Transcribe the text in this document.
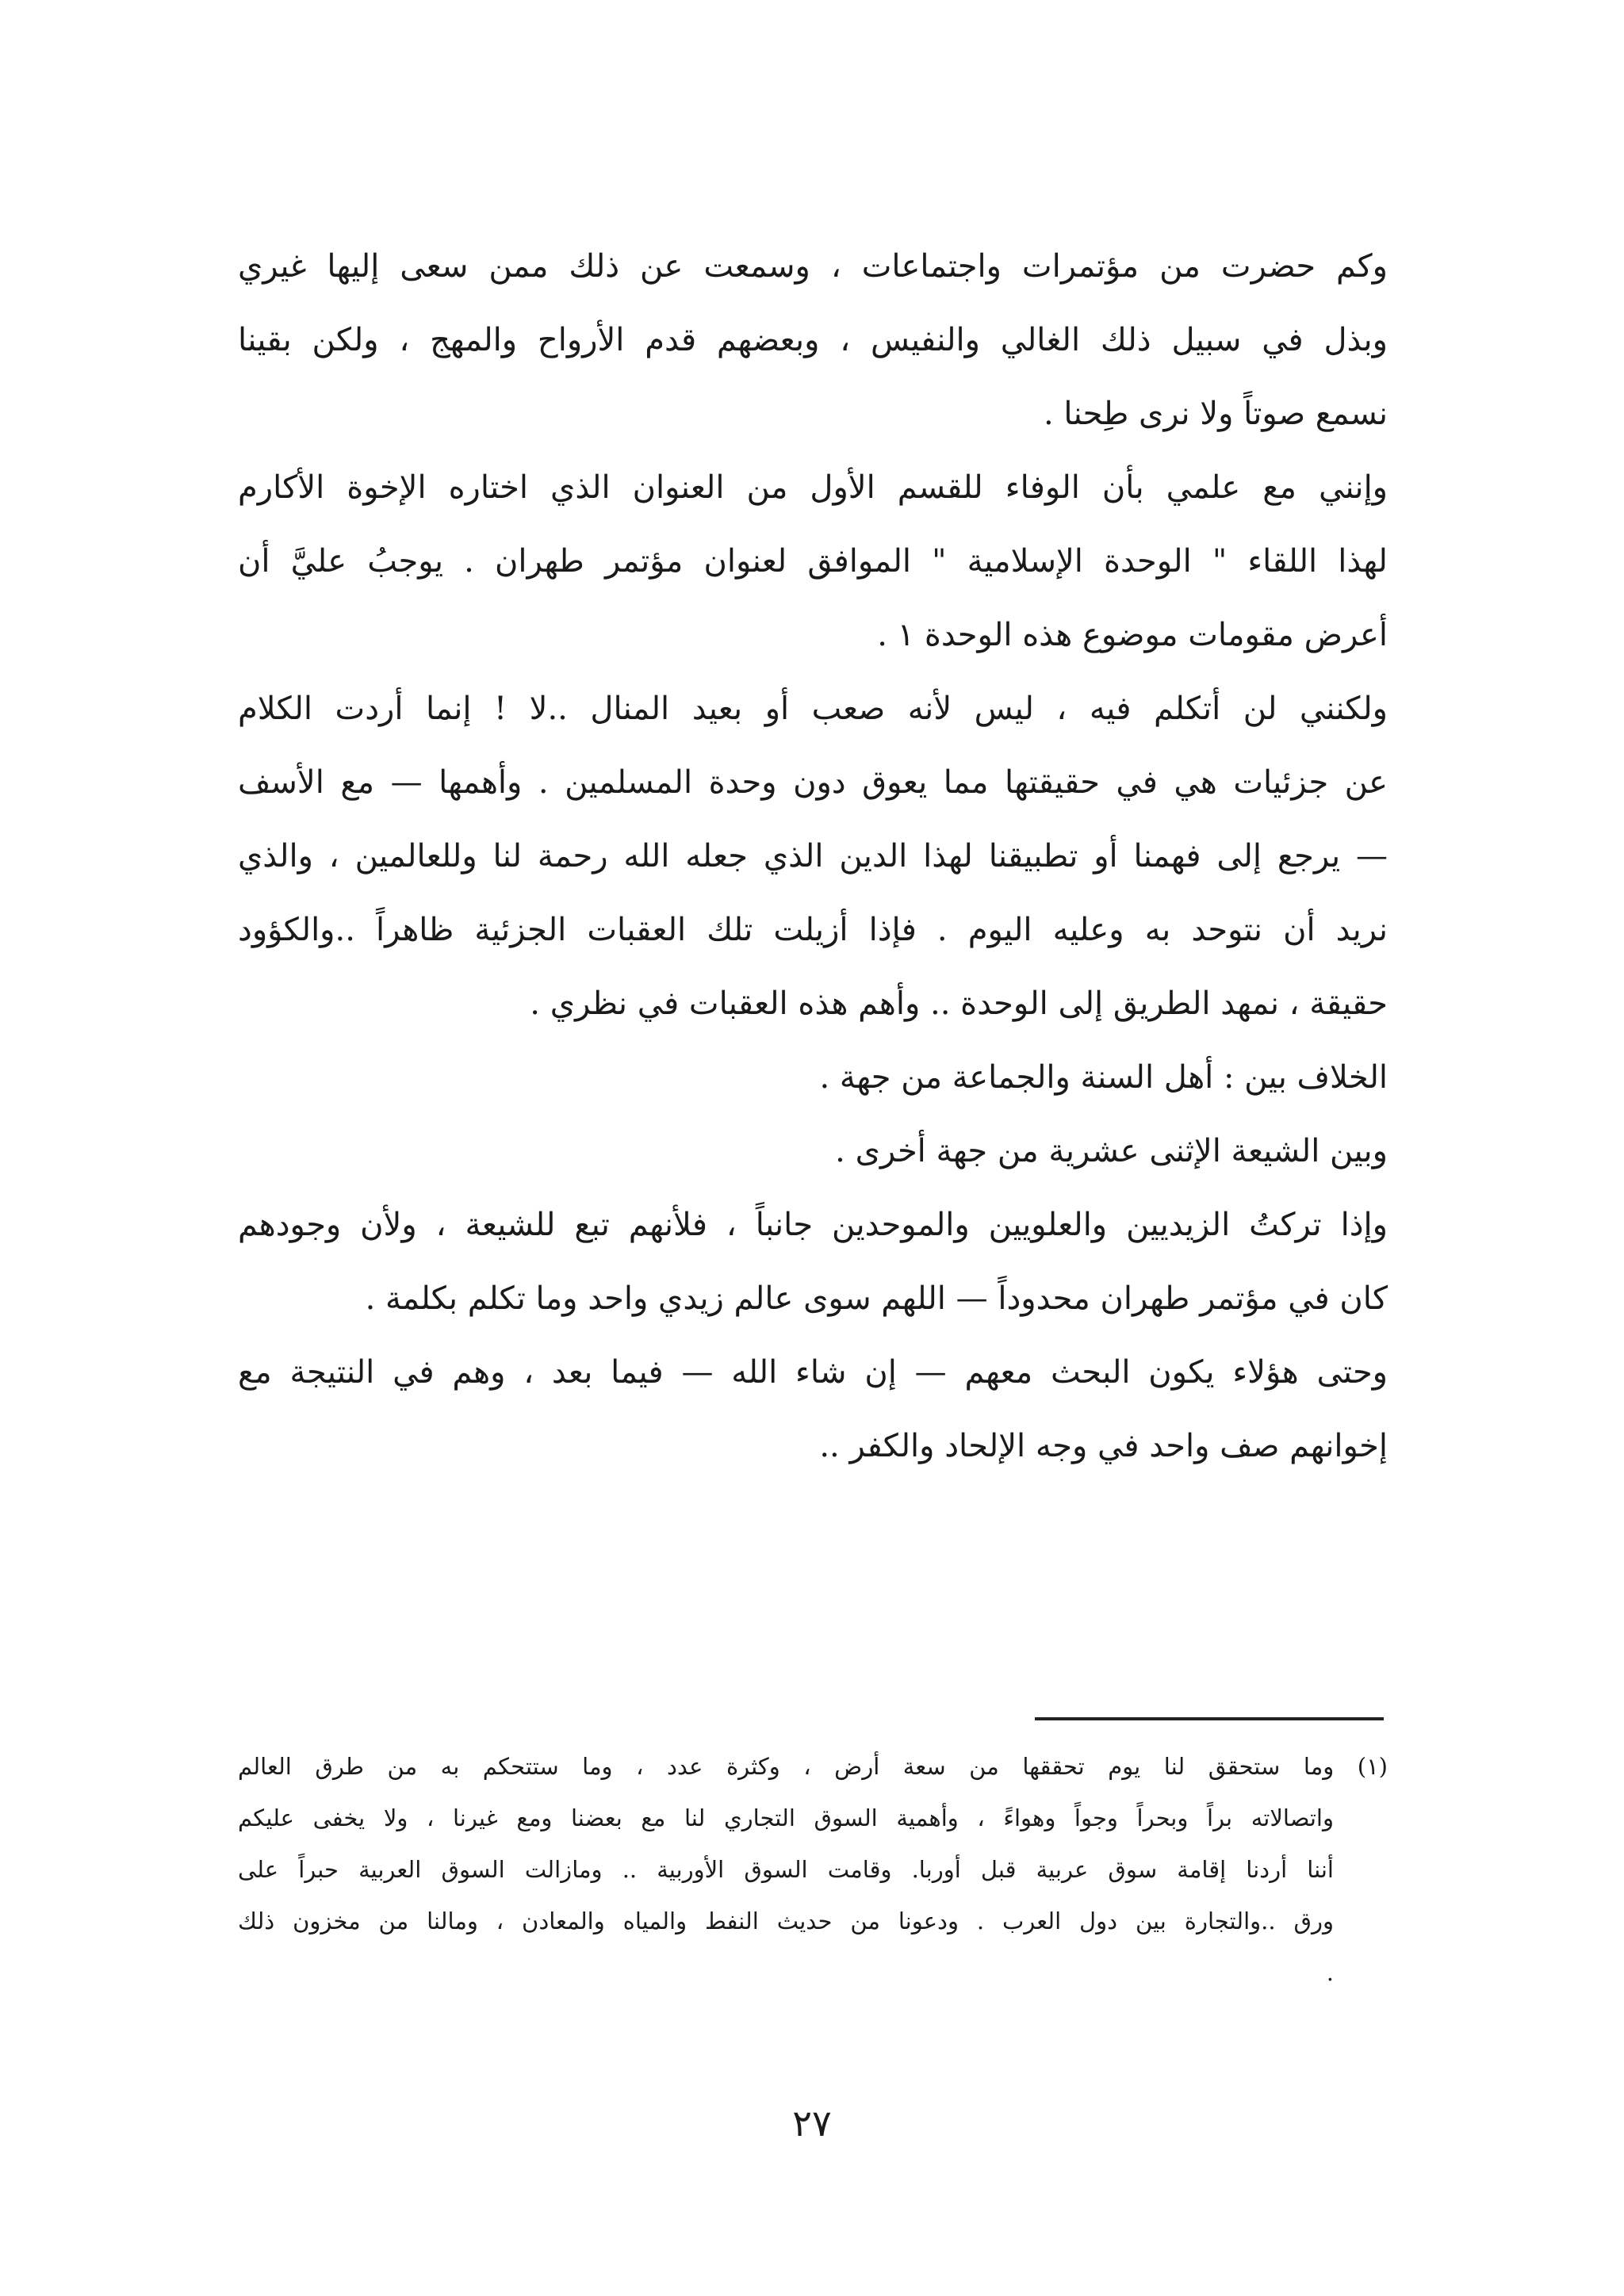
وكم حضرت من مؤتمرات واجتماعات ، وسمعت عن ذلك ممن سعى إليها غيري
وبذل في سبيل ذلك الغالي والنفيس ، وبعضهم قدم الأرواح والمهج ، ولكن بقينا
نسمع صوتاً ولا نرى طِحنا .
وإنني مع علمي بأن الوفاء للقسم الأول من العنوان الذي اختاره الإخوة الأكارم
لهذا اللقاء " الوحدة الإسلامية " الموافق لعنوان مؤتمر طهران . يوجبُ عليَّ أن
أعرض مقومات موضوع هذه الوحدة ١ .
ولكنني لن أتكلم فيه ، ليس لأنه صعب أو بعيد المنال ..لا ! إنما أردت الكلام
عن جزئيات هي في حقيقتها مما يعوق دون وحدة المسلمين . وأهمها — مع الأسف
— يرجع إلى فهمنا أو تطبيقنا لهذا الدين الذي جعله الله رحمة لنا وللعالمين ، والذي
نريد أن نتوحد به وعليه اليوم . فإذا أزيلت تلك العقبات الجزئية ظاهراً ..والكؤود
حقيقة ، نمهد الطريق إلى الوحدة .. وأهم هذه العقبات في نظري .
الخلاف بين : أهل السنة والجماعة من جهة .
وبين الشيعة الإثنى عشرية من جهة أخرى .
وإذا تركتُ الزيديين والعلويين والموحدين جانباً ، فلأنهم تبع للشيعة ، ولأن وجودهم
كان في مؤتمر طهران محدوداً — اللهم سوى عالم زيدي واحد وما تكلم بكلمة .
وحتى هؤلاء يكون البحث معهم — إن شاء الله — فيما بعد ، وهم في النتيجة مع
إخوانهم صف واحد في وجه الإلحاد والكفر ..
(١) وما ستحقق لنا يوم تحققها من سعة أرض ، وكثرة عدد ، وما ستتحكم به من طرق العالم
واتصالاته براً وبحراً وجواً وهواءً ، وأهمية السوق التجاري لنا مع بعضنا ومع غيرنا ، ولا يخفى عليكم
أننا أردنا إقامة سوق عربية قبل أوربا. وقامت السوق الأوربية .. ومازالت السوق العربية حبراً على
ورق ..والتجارة بين دول العرب . ودعونا من حديث النفط والمياه والمعادن ، ومالنا من مخزون ذلك
.
٢٧
